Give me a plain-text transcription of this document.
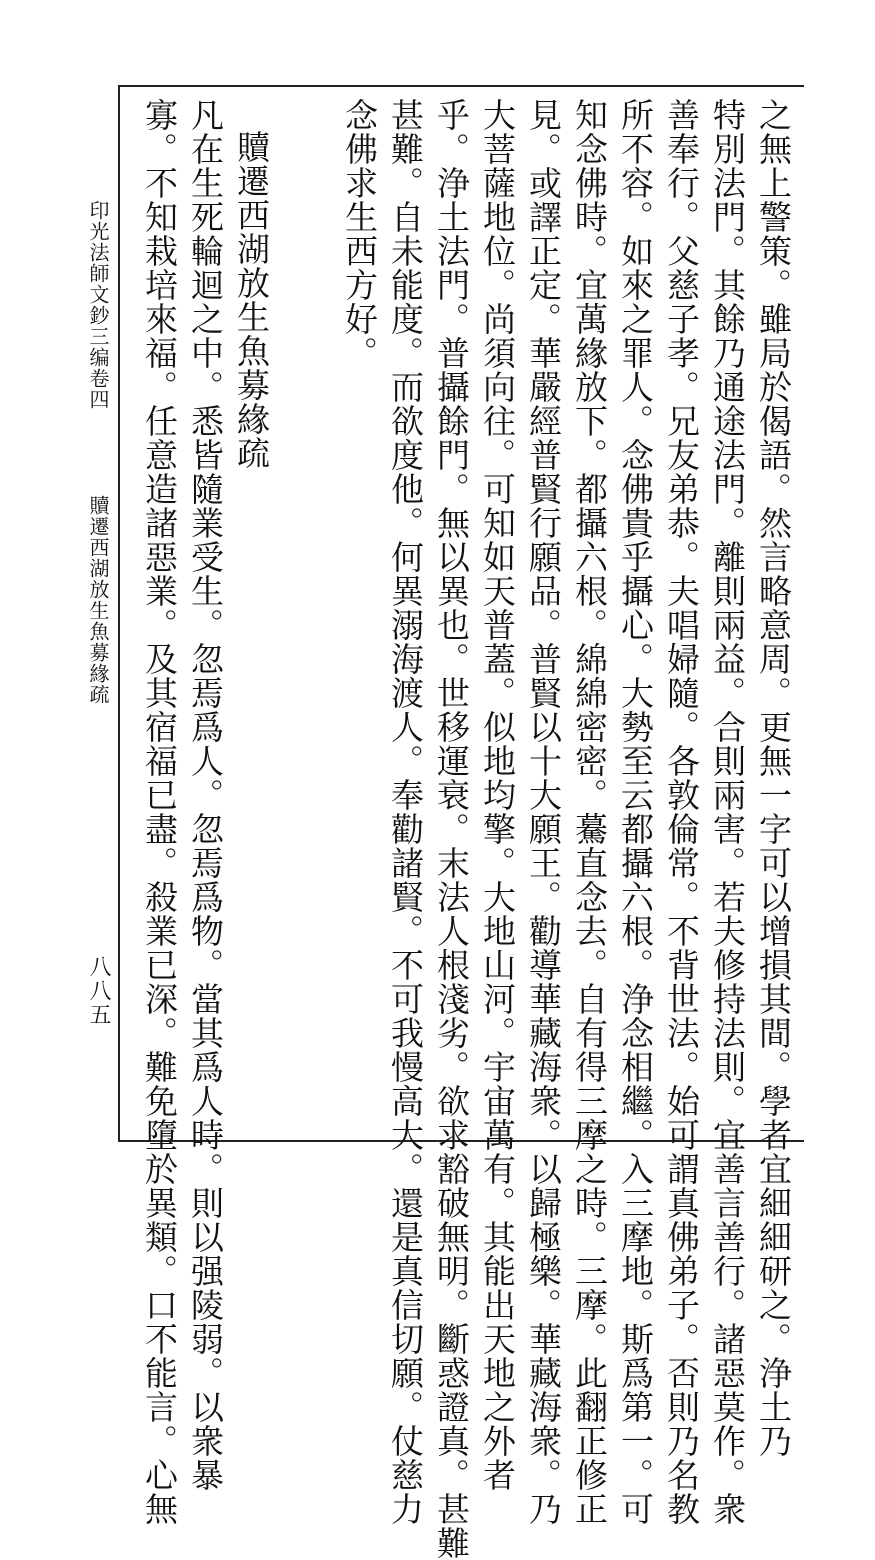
印光法師文鈔三编卷四
贖遷西湖放生魚募緣疏
八八五	之無上警策。雖局於偈語。然言略意周。更無一字可以增損其間。學者宜細細研之。浄土乃
特別法門。其餘乃通途法門。離則兩益。合則兩害。若夫修持法則。宜善言善行。諸惡莫作。衆
善奉行。父慈子孝。兄友弟恭。夫唱婦隨。各敦倫常。不背世法。始可謂真佛弟子。否則乃名教
所不容。如來之罪人。念佛貴乎攝心。大勢至云都攝六根。浄念相繼。入三摩地。斯爲第一。可
知念佛時。宜萬緣放下。都攝六根。綿綿密密。驀直念去。自有得三摩之時。三摩。此翻正修正
見。或譯正定。華嚴經普賢行願品。普賢以十大願王。勸導華藏海衆。以歸極樂。華藏海衆。乃
大菩薩地位。尚須向往。可知如天普蓋。似地均擎。大地山河。宇宙萬有。其能出天地之外者
乎。浄土法門。普攝餘門。無以異也。世移運衰。末法人根淺劣。欲求豁破無明。斷惑證真。甚難
甚難。自未能度。而欲度他。何異溺海渡人。奉勸諸賢。不可我慢高大。還是真信切願。仗慈力
念佛求生西方好。
贖遷西湖放生魚募緣疏
凡在生死輪迴之中。悉皆隨業受生。忽焉爲人。忽焉爲物。當其爲人時。則以强陵弱。以衆暴
寡。不知栽培來福。任意造諸惡業。及其宿福已盡。殺業已深。難免墮於異類。口不能言。心無
